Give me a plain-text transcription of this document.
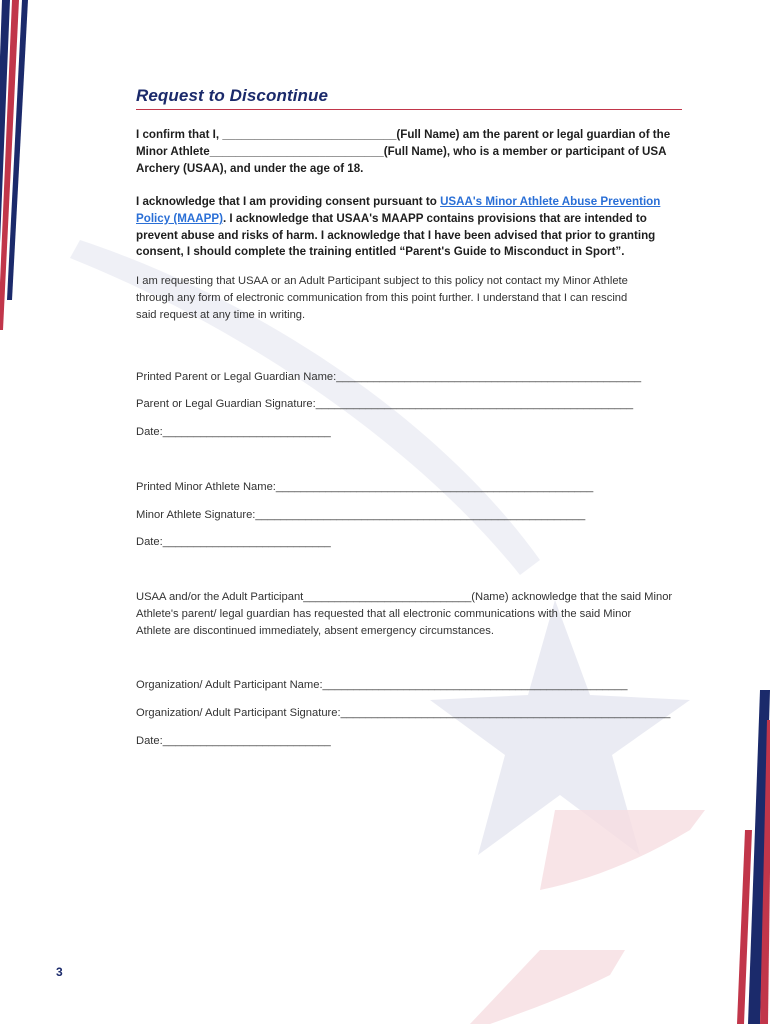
Request to Discontinue
I confirm that I, ___________________________(Full Name) am the parent or legal guardian of the
Minor Athlete___________________________(Full Name), who is a member or participant of USA
Archery (USAA), and under the age of 18.
I acknowledge that I am providing consent pursuant to USAA's Minor Athlete Abuse Prevention
Policy (MAAPP). I acknowledge that USAA's MAAPP contains provisions that are intended to
prevent abuse and risks of harm. I acknowledge that I have been advised that prior to granting
consent, I should complete the training entitled “Parent's Guide to Misconduct in Sport”.
I am requesting that USAA or an Adult Participant subject to this policy not contact my Minor Athlete
through any form of electronic communication from this point further. I understand that I can rescind
said request at any time in writing.
Printed Parent or Legal Guardian Name:_________________________________________________
Parent or Legal Guardian Signature:___________________________________________________
Date:___________________________
Printed Minor Athlete Name:___________________________________________________
Minor Athlete Signature:_____________________________________________________
Date:___________________________
USAA and/or the Adult Participant___________________________(Name) acknowledge that the said Minor
Athlete's parent/ legal guardian has requested that all electronic communications with the said Minor
Athlete are discontinued immediately, absent emergency circumstances.
Organization/ Adult Participant Name:_________________________________________________
Organization/ Adult Participant Signature:_____________________________________________________
Date:___________________________
3
